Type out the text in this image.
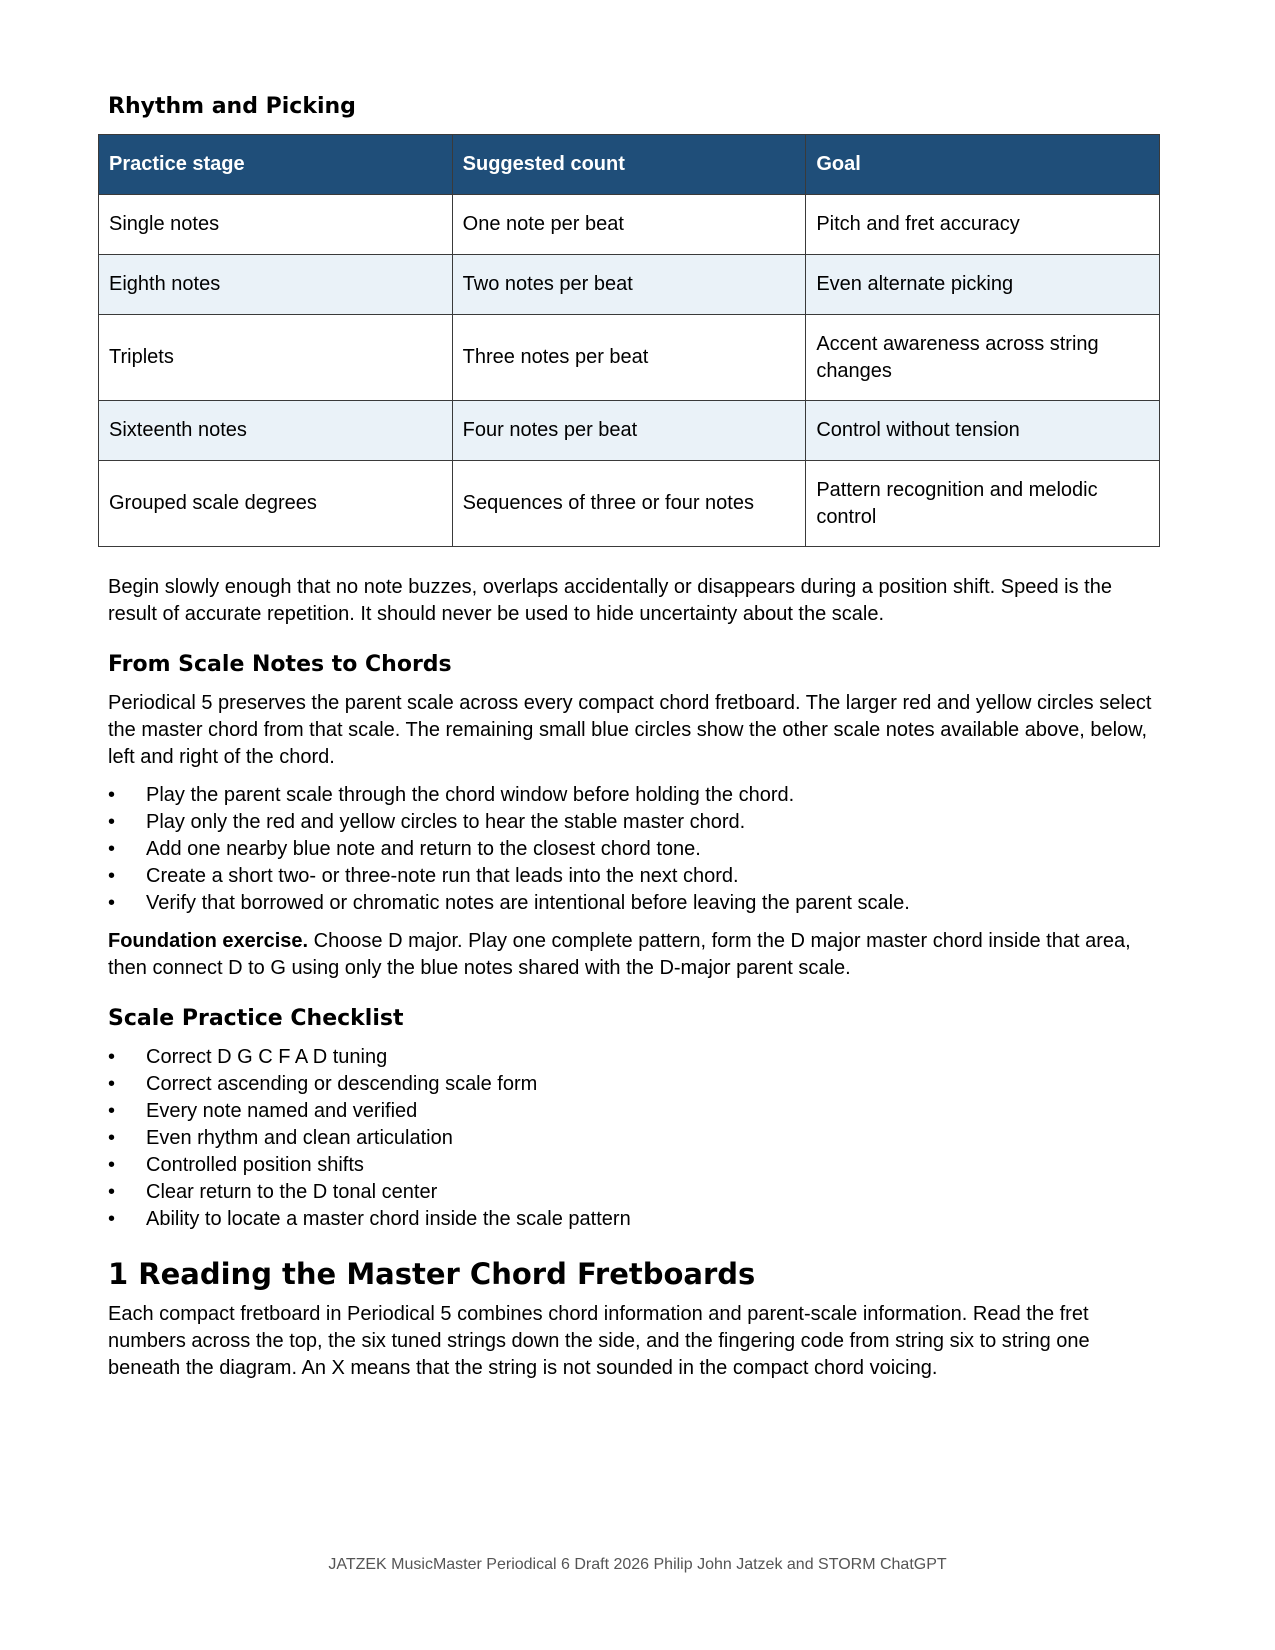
Rhythm and Picking
Practice stage	Suggested count	Goal
Single notes	One note per beat	Pitch and fret accuracy
Eighth notes	Two notes per beat	Even alternate picking
Triplets	Three notes per beat	Accent awareness across string changes
Sixteenth notes	Four notes per beat	Control without tension
Grouped scale degrees	Sequences of three or four notes	Pattern recognition and melodic control

Begin slowly enough that no note buzzes, overlaps accidentally or disappears during a position shift. Speed is the result of accurate repetition. It should never be used to hide uncertainty about the scale.

From Scale Notes to Chords

Periodical 5 preserves the parent scale across every compact chord fretboard. The larger red and yellow circles select the master chord from that scale. The remaining small blue circles show the other scale notes available above, below, left and right of the chord.

•	Play the parent scale through the chord window before holding the chord.
•	Play only the red and yellow circles to hear the stable master chord.
•	Add one nearby blue note and return to the closest chord tone.
•	Create a short two- or three-note run that leads into the next chord.
•	Verify that borrowed or chromatic notes are intentional before leaving the parent scale.

Foundation exercise. Choose D major. Play one complete pattern, form the D major master chord inside that area, then connect D to G using only the blue notes shared with the D-major parent scale.

Scale Practice Checklist
•	Correct D G C F A D tuning
•	Correct ascending or descending scale form
•	Every note named and verified
•	Even rhythm and clean articulation
•	Controlled position shifts
•	Clear return to the D tonal center
•	Ability to locate a master chord inside the scale pattern
1 Reading the Master Chord Fretboards

Each compact fretboard in Periodical 5 combines chord information and parent-scale information. Read the fret numbers across the top, the six tuned strings down the side, and the fingering code from string six to string one beneath the diagram. An X means that the string is not sounded in the compact chord voicing.

JATZEK MusicMaster Periodical 6 Draft 2026 Philip John Jatzek and STORM ChatGPT
